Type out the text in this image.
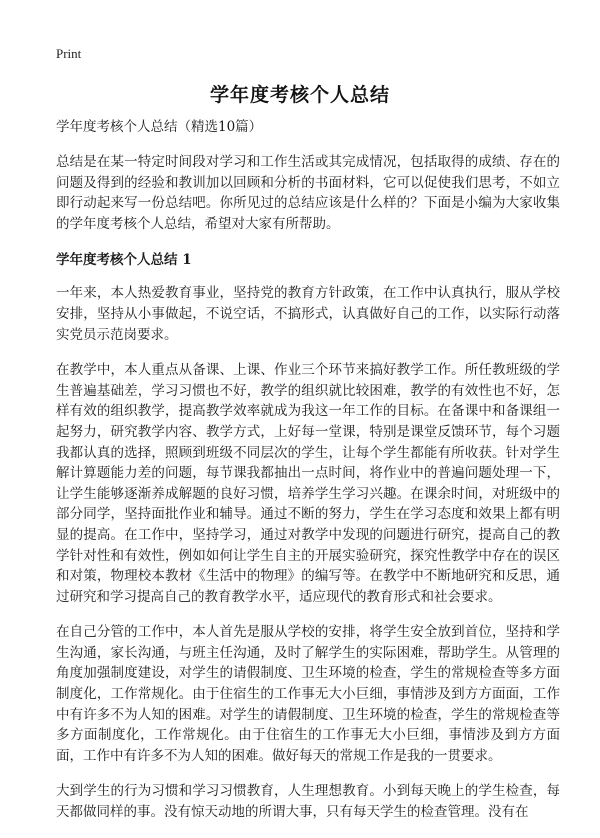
Print
学年度考核个人总结

学年度考核个人总结（精选10篇）

总结是在某一特定时间段对学习和工作生活或其完成情况，包括取得的成绩、存在的问题及得到的经验和教训加以回顾和分析的书面材料，它可以促使我们思考，不如立即行动起来写一份总结吧。你所见过的总结应该是什么样的？下面是小编为大家收集的学年度考核个人总结，希望对大家有所帮助。

学年度考核个人总结 1

一年来，本人热爱教育事业，坚持党的教育方针政策，在工作中认真执行，服从学校安排，坚持从小事做起，不说空话，不搞形式，认真做好自己的工作，以实际行动落实党员示范岗要求。

在教学中，本人重点从备课、上课、作业三个环节来搞好教学工作。所任教班级的学生普遍基础差，学习习惯也不好，教学的组织就比较困难，教学的有效性也不好，怎样有效的组织教学，提高教学效率就成为我这一年工作的目标。在备课中和备课组一起努力，研究教学内容、教学方式，上好每一堂课，特别是课堂反馈环节，每个习题我都认真的选择，照顾到班级不同层次的学生，让每个学生都能有所收获。针对学生解计算题能力差的问题，每节课我都抽出一点时间，将作业中的普遍问题处理一下，让学生能够逐渐养成解题的良好习惯，培养学生学习兴趣。在课余时间，对班级中的部分同学，坚持面批作业和辅导。通过不断的努力，学生在学习态度和效果上都有明显的提高。在工作中，坚持学习，通过对教学中发现的问题进行研究，提高自己的教学针对性和有效性，例如如何让学生自主的开展实验研究，探究性教学中存在的误区和对策，物理校本教材《生活中的物理》的编写等。在教学中不断地研究和反思，通过研究和学习提高自己的教育教学水平，适应现代的教育形式和社会要求。

在自己分管的工作中，本人首先是服从学校的安排，将学生安全放到首位，坚持和学生沟通，家长沟通，与班主任沟通，及时了解学生的实际困难，帮助学生。从管理的角度加强制度建设，对学生的请假制度、卫生环境的检查，学生的常规检查等多方面制度化，工作常规化。由于住宿生的工作事无大小巨细，事情涉及到方方面面，工作中有许多不为人知的困难。对学生的请假制度、卫生环境的检查，学生的常规检查等多方面制度化，工作常规化。由于住宿生的工作事无大小巨细，事情涉及到方方面面，工作中有许多不为人知的困难。做好每天的常规工作是我的一贯要求。

大到学生的行为习惯和学习习惯教育，人生理想教育。小到每天晚上的学生检查，每天都做同样的事。没有惊天动地的所谓大事，只有每天学生的检查管理。没有在
